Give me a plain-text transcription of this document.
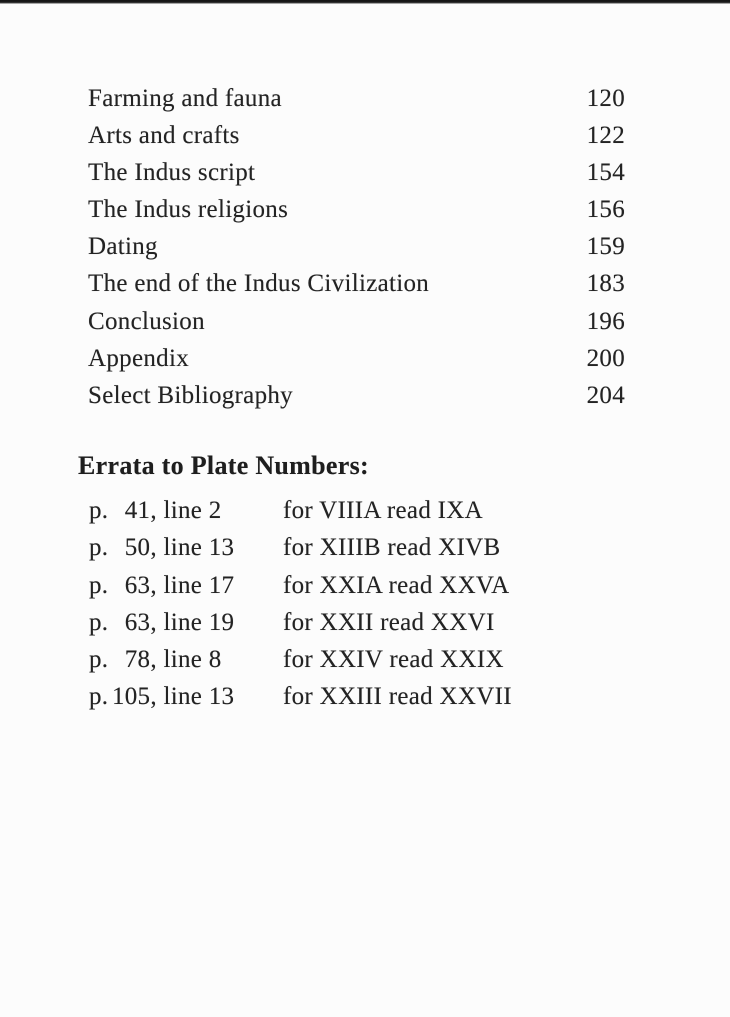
Farming and fauna	120
Arts and crafts	122
The Indus script	154
The Indus religions	156
Dating	159
The end of the Indus Civilization	183
Conclusion	196
Appendix	200
Select Bibliography	204
Errata to Plate Numbers:
p. 41, line 2	for VIIIA read IXA
p. 50, line 13	for XIIIB read XIVB
p. 63, line 17	for XXIA read XXVA
p. 63, line 19	for XXII read XXVI
p. 78, line 8	for XXIV read XXIX
p. 105, line 13	for XXIII read XXVII
